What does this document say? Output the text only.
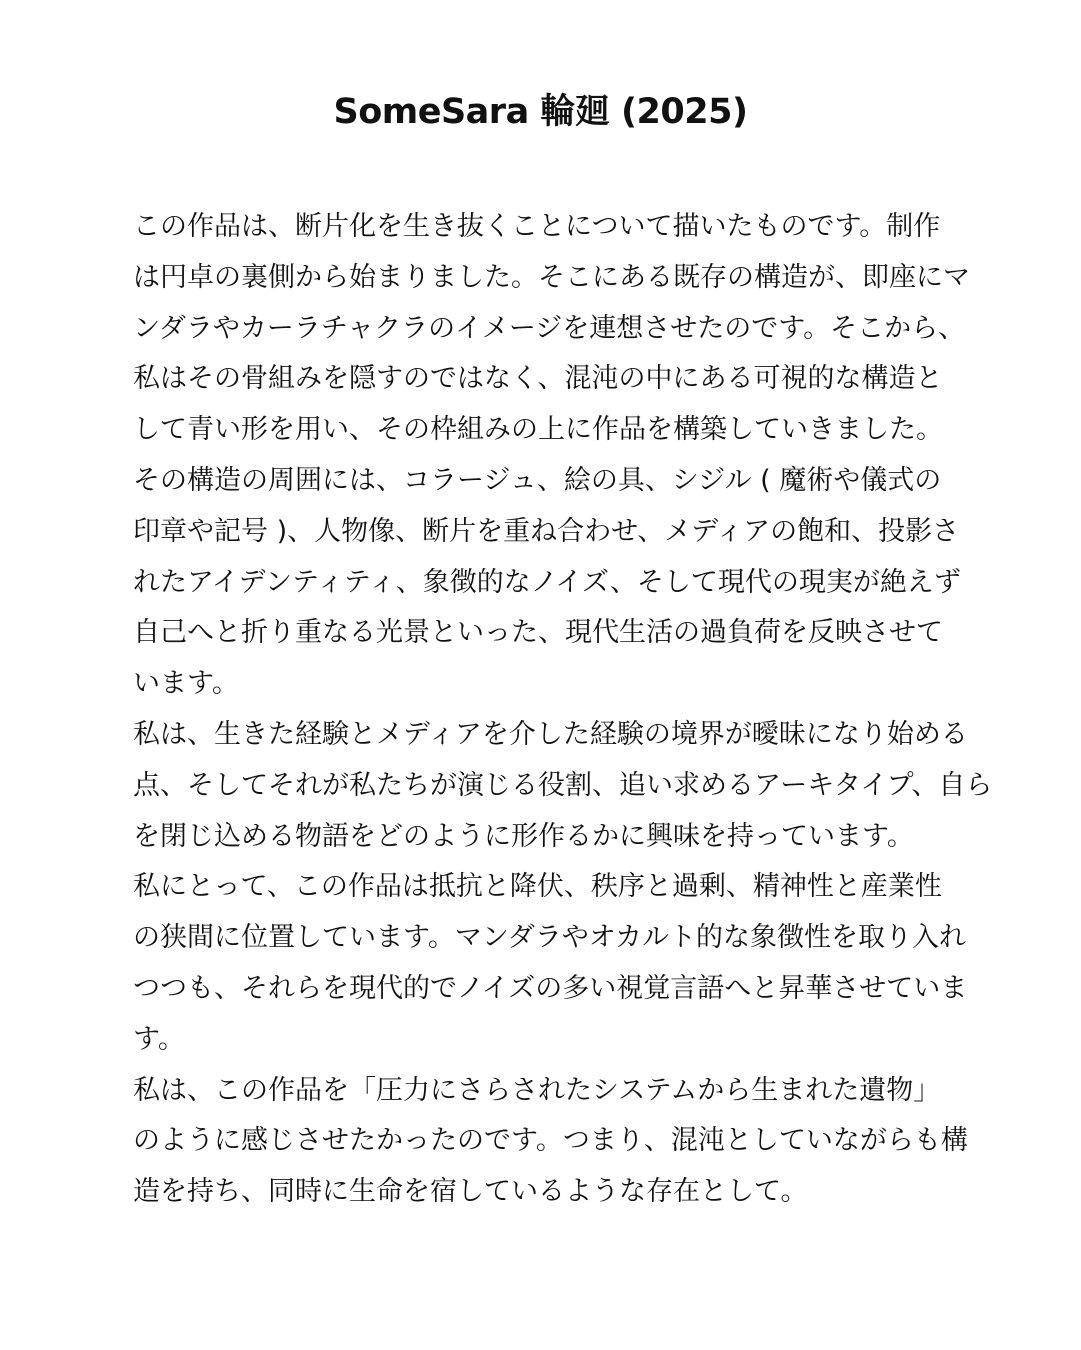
SomeSara 輪廻 (2025)

この作品は、断片化を生き抜くことについて描いたものです。制作
は円卓の裏側から始まりました。そこにある既存の構造が、即座にマ
ンダラやカーラチャクラのイメージを連想させたのです。そこから、
私はその骨組みを隠すのではなく、混沌の中にある可視的な構造と
して青い形を用い、その枠組みの上に作品を構築していきました。

その構造の周囲には、コラージュ、絵の具、シジル ( 魔術や儀式の
印章や記号 )、人物像、断片を重ね合わせ、メディアの飽和、投影さ
れたアイデンティティ、象徴的なノイズ、そして現代の現実が絶えず
自己へと折り重なる光景といった、現代生活の過負荷を反映させて
います。

私は、生きた経験とメディアを介した経験の境界が曖昧になり始める
点、そしてそれが私たちが演じる役割、追い求めるアーキタイプ、自ら
を閉じ込める物語をどのように形作るかに興味を持っています。

私にとって、この作品は抵抗と降伏、秩序と過剰、精神性と産業性
の狭間に位置しています。マンダラやオカルト的な象徴性を取り入れ
つつも、それらを現代的でノイズの多い視覚言語へと昇華させていま
す。

私は、この作品を「圧力にさらされたシステムから生まれた遺物」
のように感じさせたかったのです。つまり、混沌としていながらも構
造を持ち、同時に生命を宿しているような存在として。
